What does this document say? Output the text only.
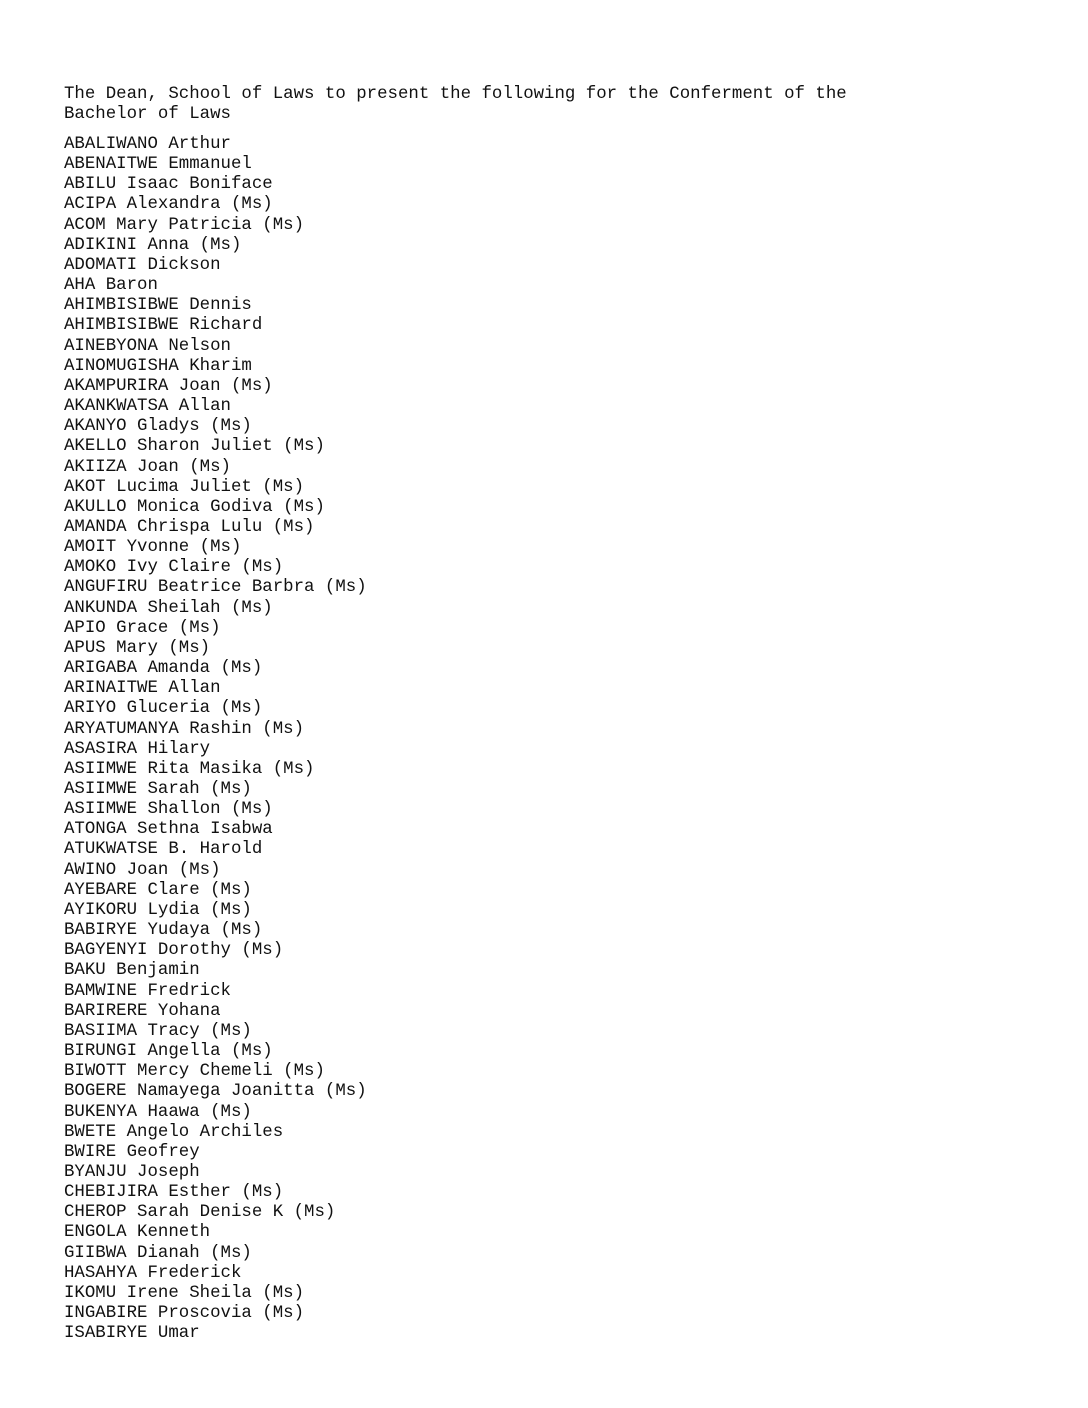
The Dean, School of Laws to present the following for the Conferment of the
Bachelor of Laws
ABALIWANO Arthur
ABENAITWE Emmanuel
ABILU Isaac Boniface
ACIPA Alexandra (Ms)
ACOM Mary Patricia (Ms)
ADIKINI Anna (Ms)
ADOMATI Dickson
AHA Baron
AHIMBISIBWE Dennis
AHIMBISIBWE Richard
AINEBYONA Nelson
AINOMUGISHA Kharim
AKAMPURIRA Joan (Ms)
AKANKWATSA Allan
AKANYO Gladys (Ms)
AKELLO Sharon Juliet (Ms)
AKIIZA Joan (Ms)
AKOT Lucima Juliet (Ms)
AKULLO Monica Godiva (Ms)
AMANDA Chrispa Lulu (Ms)
AMOIT Yvonne (Ms)
AMOKO Ivy Claire (Ms)
ANGUFIRU Beatrice Barbra (Ms)
ANKUNDA Sheilah (Ms)
APIO Grace (Ms)
APUS Mary (Ms)
ARIGABA Amanda (Ms)
ARINAITWE Allan
ARIYO Gluceria (Ms)
ARYATUMANYA Rashin (Ms)
ASASIRA Hilary
ASIIMWE Rita Masika (Ms)
ASIIMWE Sarah (Ms)
ASIIMWE Shallon (Ms)
ATONGA Sethna Isabwa
ATUKWATSE B. Harold
AWINO Joan (Ms)
AYEBARE Clare (Ms)
AYIKORU Lydia (Ms)
BABIRYE Yudaya (Ms)
BAGYENYI Dorothy (Ms)
BAKU Benjamin
BAMWINE Fredrick
BARIRERE Yohana
BASIIMA Tracy (Ms)
BIRUNGI Angella (Ms)
BIWOTT Mercy Chemeli (Ms)
BOGERE Namayega Joanitta (Ms)
BUKENYA Haawa (Ms)
BWETE Angelo Archiles
BWIRE Geofrey
BYANJU Joseph
CHEBIJIRA Esther (Ms)
CHEROP Sarah Denise K (Ms)
ENGOLA Kenneth
GIIBWA Dianah (Ms)
HASAHYA Frederick
IKOMU Irene Sheila (Ms)
INGABIRE Proscovia (Ms)
ISABIRYE Umar
